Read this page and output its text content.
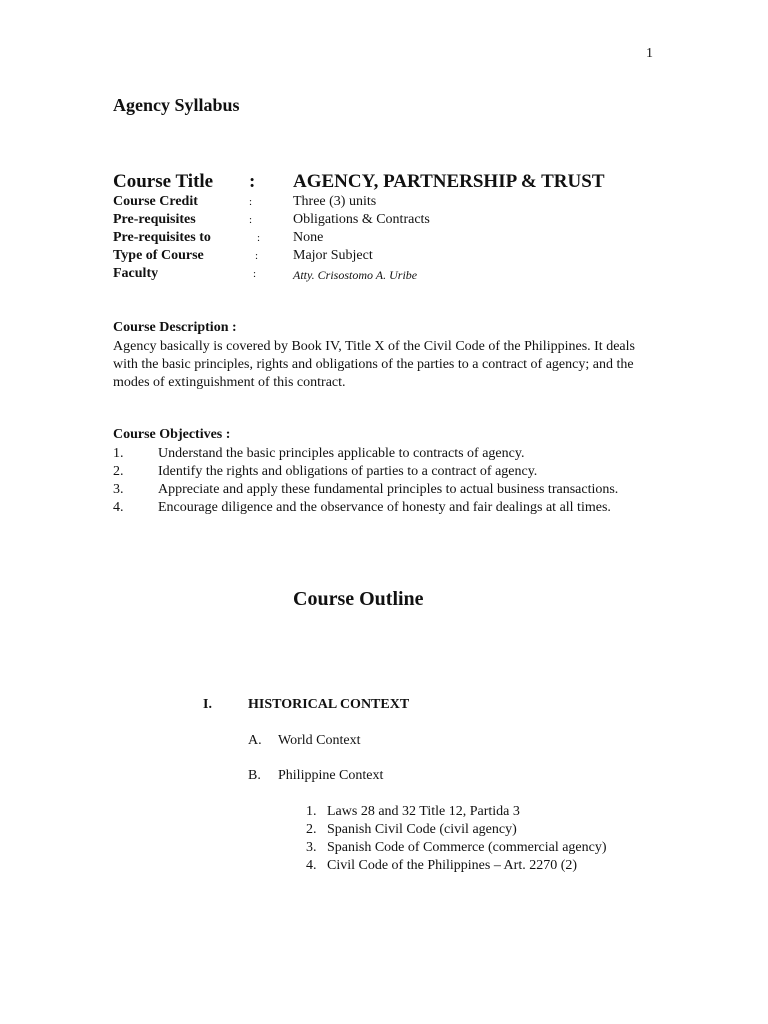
1
Agency Syllabus
Course Title : AGENCY, PARTNERSHIP & TRUST
Course Credit	:	Three (3) units
Pre-requisites	:	Obligations & Contracts
Pre-requisites to	: None
Type of Course	: Major Subject
Faculty	:	Atty. Crisostomo A. Uribe
Course Description :
Agency basically is covered by Book IV, Title X of the Civil Code of the Philippines. It deals with the basic principles, rights and obligations of the parties to a contract of agency; and the modes of extinguishment of this contract.
Course Objectives :
1. Understand the basic principles applicable to contracts of agency.
2. Identify the rights and obligations of parties to a contract of agency.
3. Appreciate and apply these fundamental principles to actual business transactions.
4. Encourage diligence and the observance of honesty and fair dealings at all times.
Course Outline
I.	HISTORICAL CONTEXT
A. World Context
B. Philippine Context
1. Laws 28 and 32 Title 12, Partida 3
2. Spanish Civil Code (civil agency)
3. Spanish Code of Commerce (commercial agency)
4. Civil Code of the Philippines – Art. 2270 (2)
